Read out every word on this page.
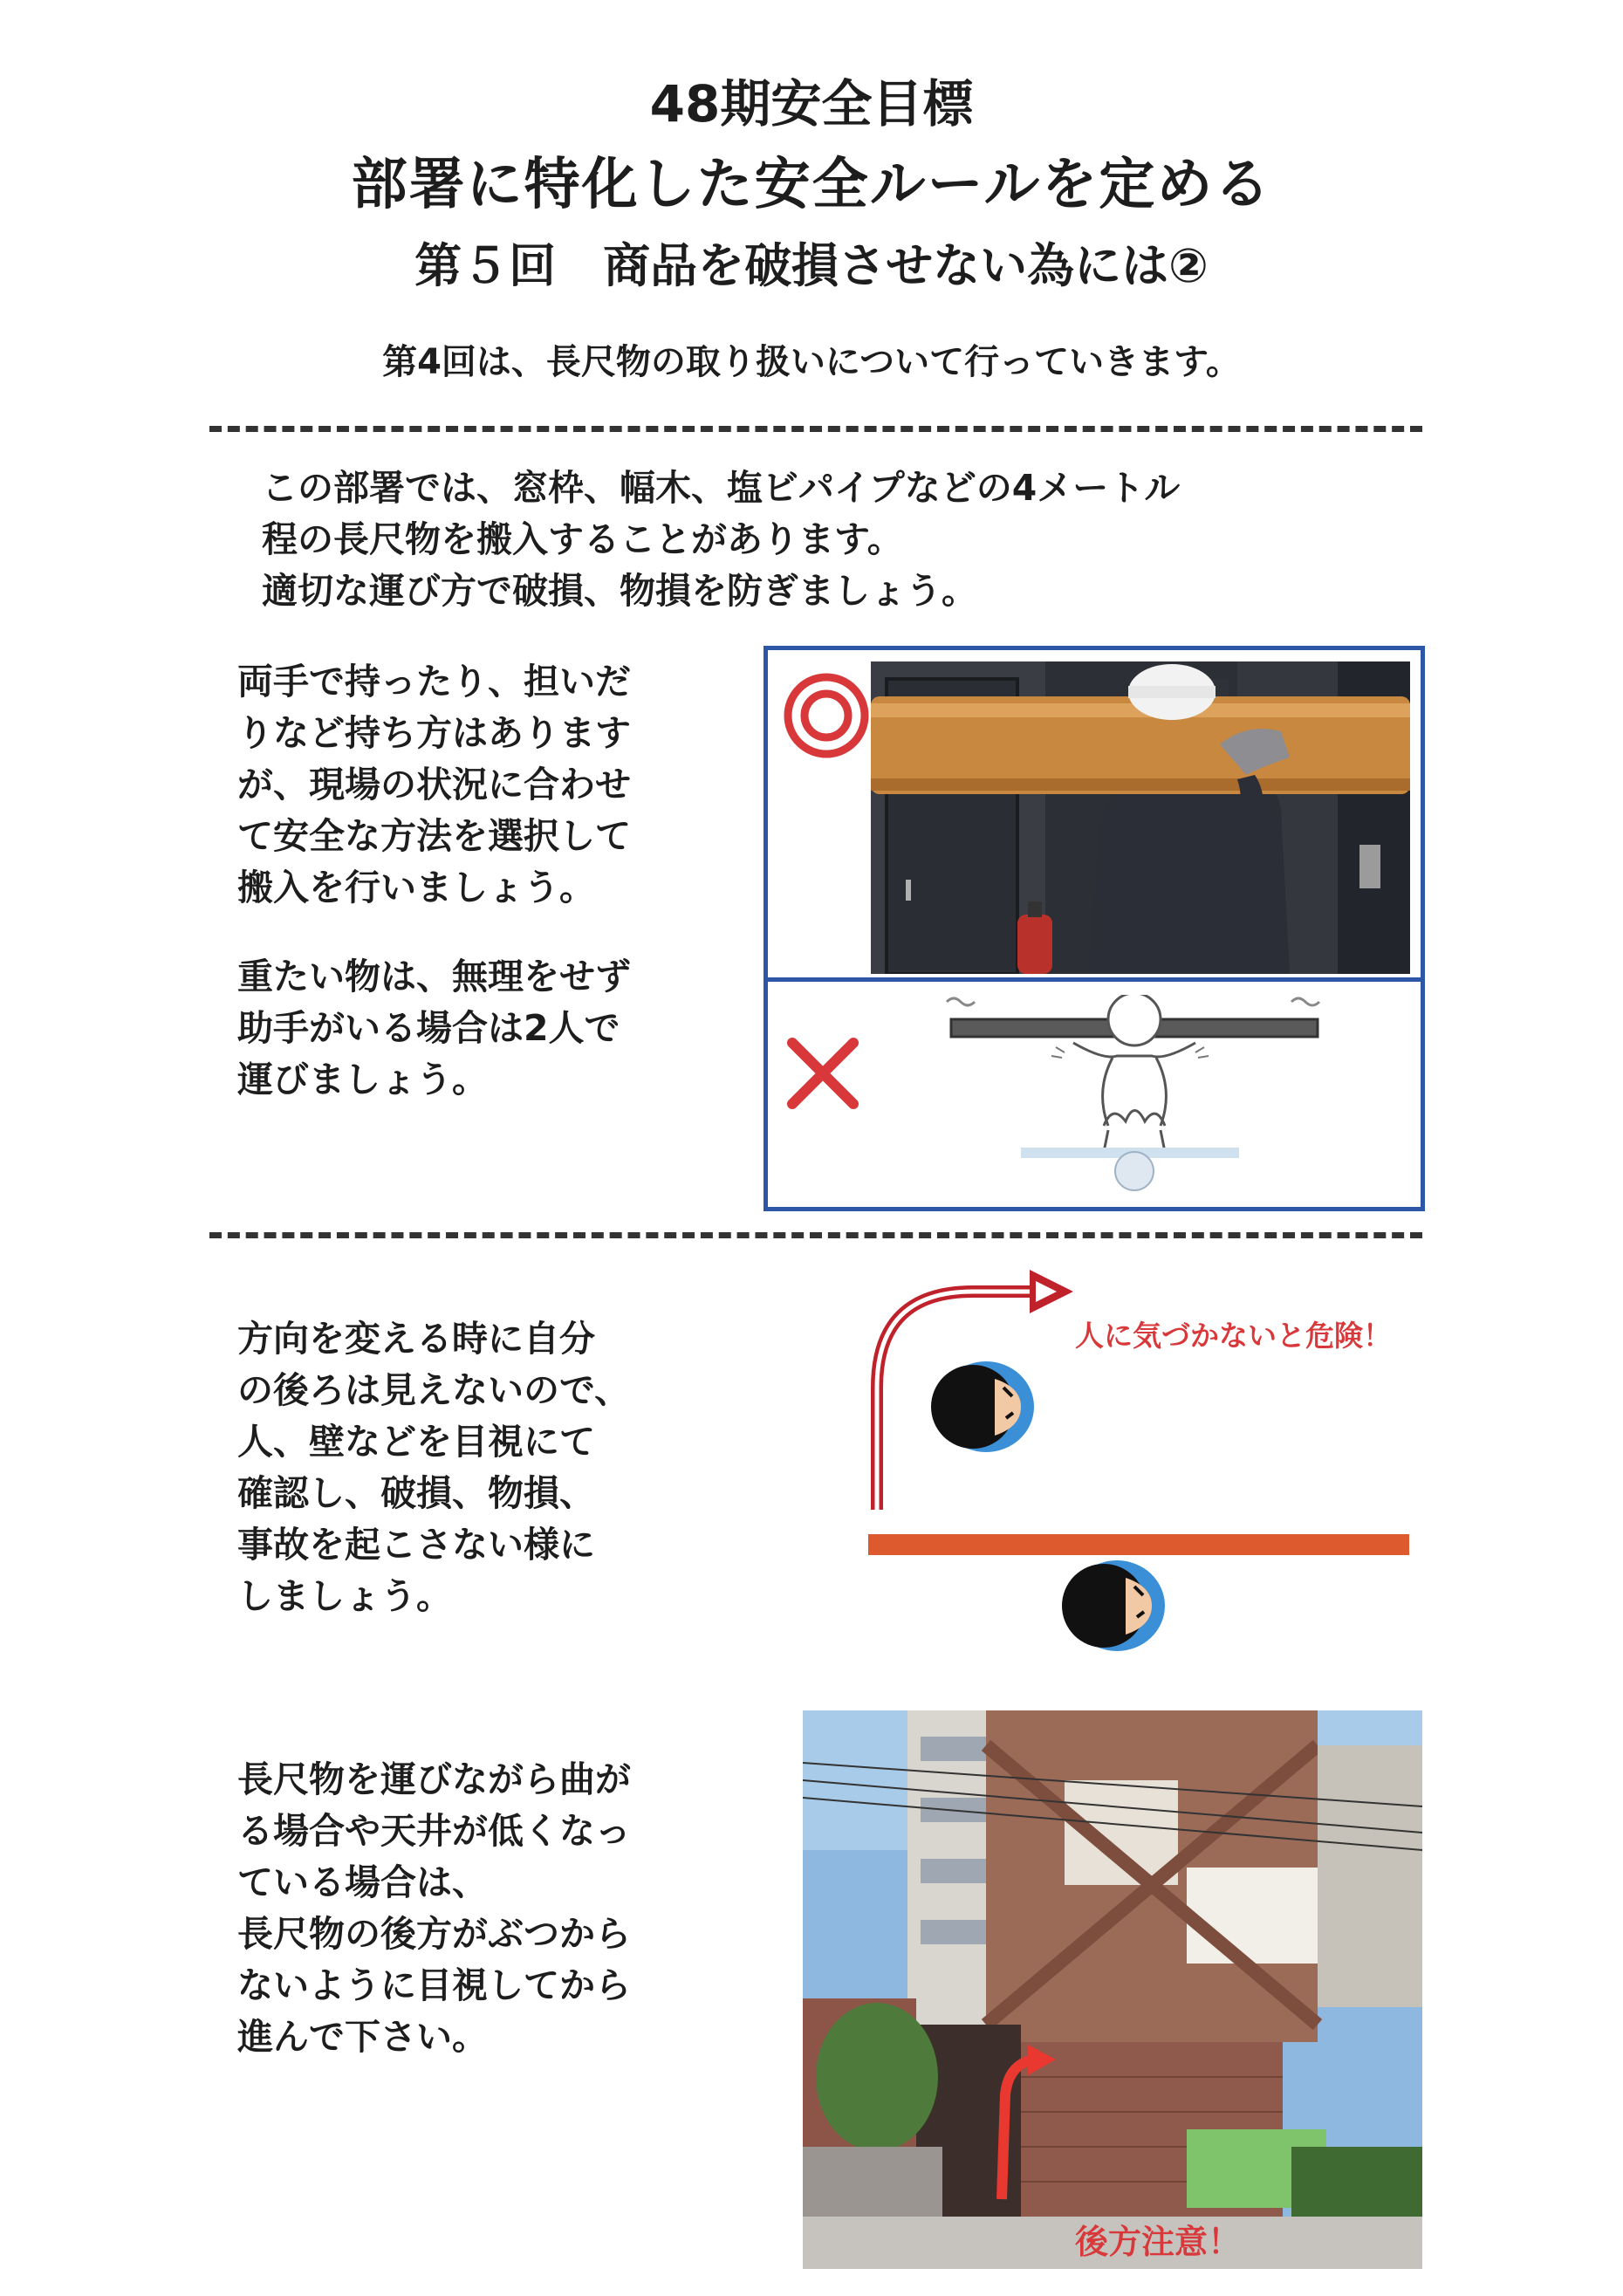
48期安全目標
部署に特化した安全ルールを定める
第５回　商品を破損させない為には②
第4回は、長尺物の取り扱いについて行っていきます。
この部署では、窓枠、幅木、塩ビパイプなどの4メートル
程の長尺物を搬入することがあります。
適切な運び方で破損、物損を防ぎましょう。
両手で持ったり、担いだ
りなど持ち方はあります
が、現場の状況に合わせ
て安全な方法を選択して
搬入を行いましょう。
重たい物は、無理をせず
助手がいる場合は2人で
運びましょう。
方向を変える時に自分
の後ろは見えないので、
人、壁などを目視にて
確認し、破損、物損、
事故を起こさない様に
しましょう。
人に気づかないと危険！
長尺物を運びながら曲が
る場合や天井が低くなっ
ている場合は、
長尺物の後方がぶつから
ないように目視してから
進んで下さい。
後方注意！
